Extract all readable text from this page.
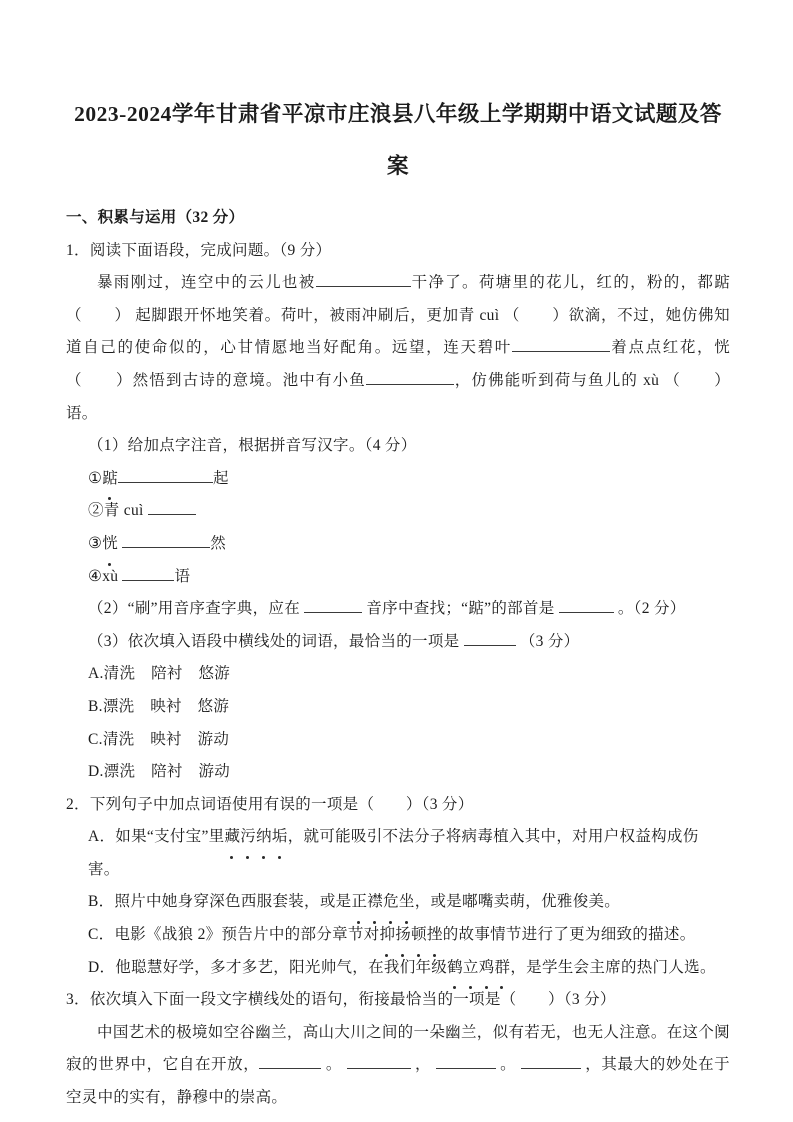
2023-2024学年甘肃省平凉市庄浪县八年级上学期期中语文试题及答案
一、积累与运用（32 分）
1．阅读下面语段，完成问题。（9 分）
暴雨刚过，连空中的云儿也被	干净了。荷塘里的花儿，红的，粉的，都踮 （　　） 起脚跟开怀地笑着。荷叶，被雨冲刷后，更加青 cuì （　　）欲滴，不过，她仿佛知道自己的使命似的，心甘情愿地当好配角。远望，连天碧叶	着点点红花，恍 （　　）然悟到古诗的意境。池中有小鱼	，仿佛能听到荷与鱼儿的 xù （　　）语。
（1）给加点字注音，根据拼音写汉字。（4 分）
①踮	起
②青 cuì
③恍	然
④xù	语
（2）“刷”用音序查字典，应在	音序中查找；“踮”的部首是	。（2 分）
（3）依次填入语段中横线处的词语，最恰当的一项是	（3 分）
A.清洗　陪衬　悠游
B.漂洗　映衬　悠游
C.清洗　映衬　游动
D.漂洗　陪衬　游动
2．下列句子中加点词语使用有误的一项是（　　）（3 分）
A．如果“支付宝”里藏污纳垢，就可能吸引不法分子将病毒植入其中，对用户权益构成伤害。
B．照片中她身穿深色西服套装，或是正襟危坐，或是嘟嘴卖萌，优雅俊美。
C．电影《战狼 2》预告片中的部分章节对抑扬顿挫的故事情节进行了更为细致的描述。
D．他聪慧好学，多才多艺，阳光帅气，在我们年级鹤立鸡群，是学生会主席的热门人选。
3．依次填入下面一段文字横线处的语句，衔接最恰当的一项是（　　）（3 分）
中国艺术的极境如空谷幽兰，高山大川之间的一朵幽兰，似有若无，也无人注意。在这个阒寂的世界中，它自在开放，	。	，	。	，其最大的妙处在于空灵中的实有，静穆中的崇高。
